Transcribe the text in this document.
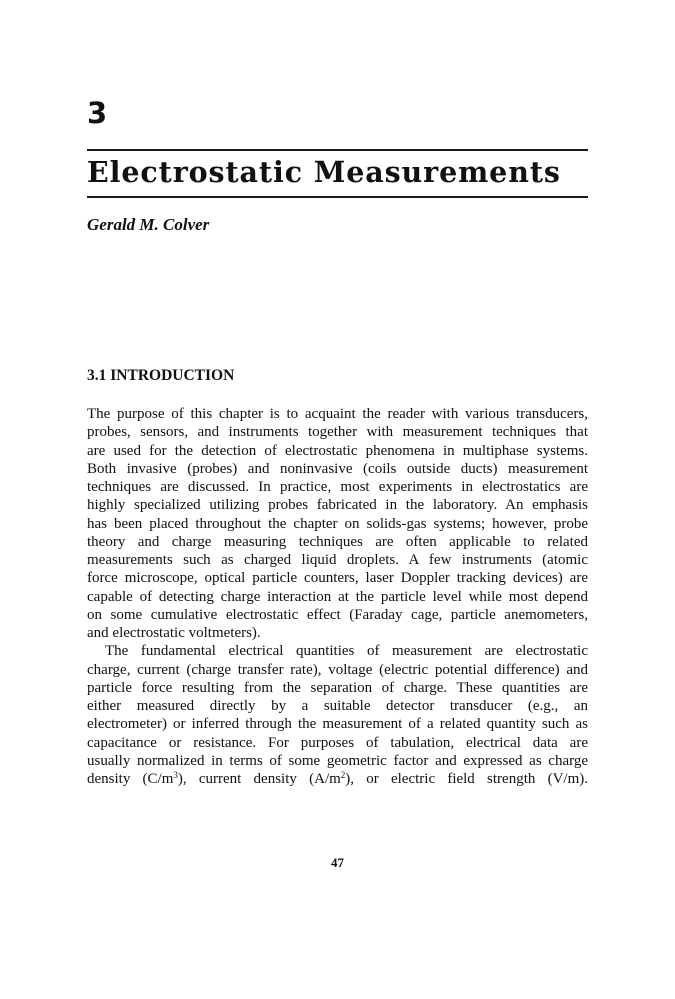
3
Electrostatic Measurements
Gerald M. Colver
3.1 INTRODUCTION

The purpose of this chapter is to acquaint the reader with various transducers,

probes, sensors, and instruments together with measurement techniques that

are used for the detection of electrostatic phenomena in multiphase systems.

Both invasive (probes) and noninvasive (coils outside ducts) measurement

techniques are discussed. In practice, most experiments in electrostatics are

highly specialized utilizing probes fabricated in the laboratory. An emphasis

has been placed throughout the chapter on solids-gas systems; however, probe

theory and charge measuring techniques are often applicable to related

measurements such as charged liquid droplets. A few instruments (atomic

force microscope, optical particle counters, laser Doppler tracking devices) are

capable of detecting charge interaction at the particle level while most depend

on some cumulative electrostatic effect (Faraday cage, particle anemometers,

and electrostatic voltmeters).

The fundamental electrical quantities of measurement are electrostatic

charge, current (charge transfer rate), voltage (electric potential difference) and

particle force resulting from the separation of charge. These quantities are

either measured directly by a suitable detector transducer (e.g., an

electrometer) or inferred through the measurement of a related quantity such as

capacitance or resistance. For purposes of tabulation, electrical data are

usually normalized in terms of some geometric factor and expressed as charge

density $(C/m^3)$, current density $(A/m^2)$, or electric field strength (V/m).

47
